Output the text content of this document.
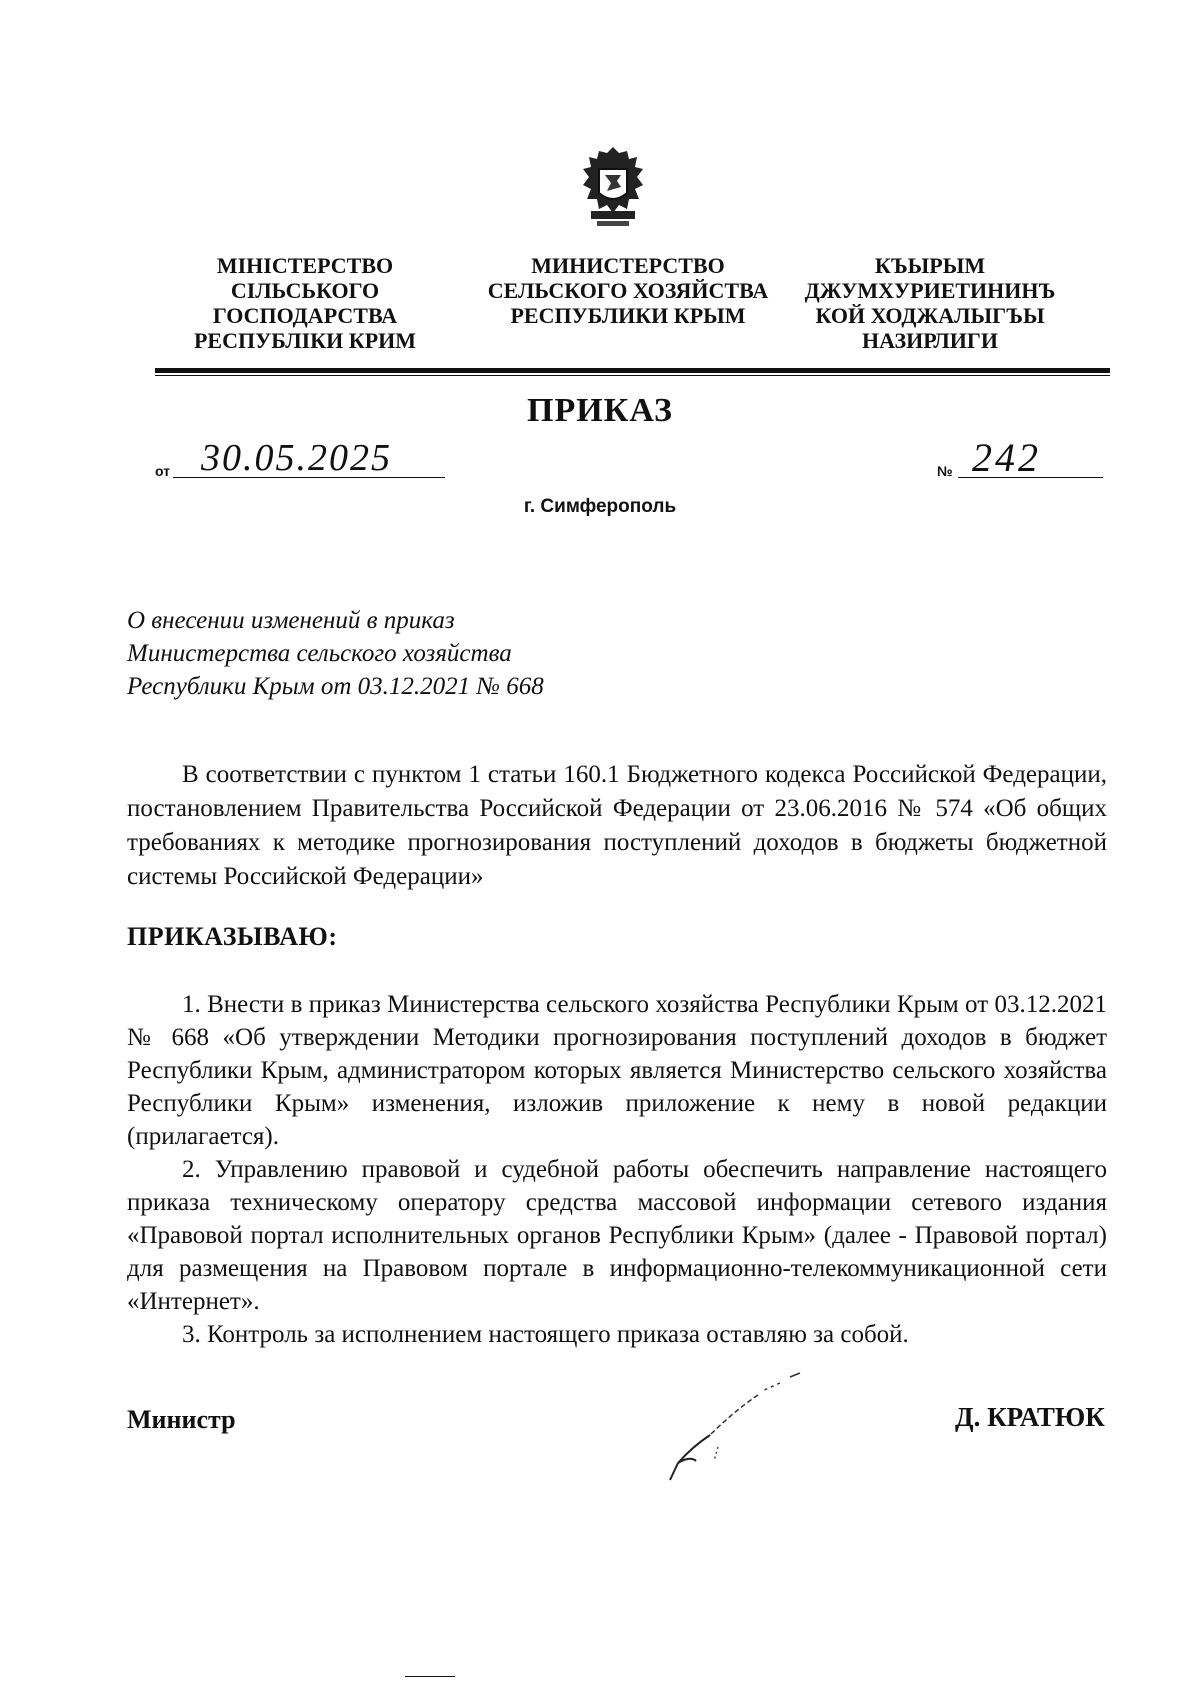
МІНІСТЕРСТВО
СІЛЬСЬКОГО
ГОСПОДАРСТВА
РЕСПУБЛІКИ КРИМ
МИНИСТЕРСТВО
СЕЛЬСКОГО ХОЗЯЙСТВА
РЕСПУБЛИКИ КРЫМ
КЪЫРЫМ
ДЖУМХУРИЕТИНИНЪ
КОЙ ХОДЖАЛЫГЪЫ
НАЗИРЛИГИ
ПРИКАЗ
от 30.05.2025	№ 242
г. Симферополь
О внесении изменений в приказ
Министерства сельского хозяйства
Республики Крым от 03.12.2021 № 668
В соответствии с пунктом 1 статьи 160.1 Бюджетного кодекса Российской Федерации, постановлением Правительства Российской Федерации от 23.06.2016 № 574 «Об общих требованиях к методике прогнозирования поступлений доходов в бюджеты бюджетной системы Российской Федерации»
ПРИКАЗЫВАЮ:

1. Внести в приказ Министерства сельского хозяйства Республики Крым от 03.12.2021 № 668 «Об утверждении Методики прогнозирования поступлений доходов в бюджет Республики Крым, администратором которых является Министерство сельского хозяйства Республики Крым» изменения, изложив приложение к нему в новой редакции (прилагается).

2. Управлению правовой и судебной работы обеспечить направление настоящего приказа техническому оператору средства массовой информации сетевого издания «Правовой портал исполнительных органов Республики Крым» (далее - Правовой портал) для размещения на Правовом портале в информационно-телекоммуникационной сети «Интернет».

3. Контроль за исполнением настоящего приказа оставляю за собой.

Министр	Д. КРАТЮК
